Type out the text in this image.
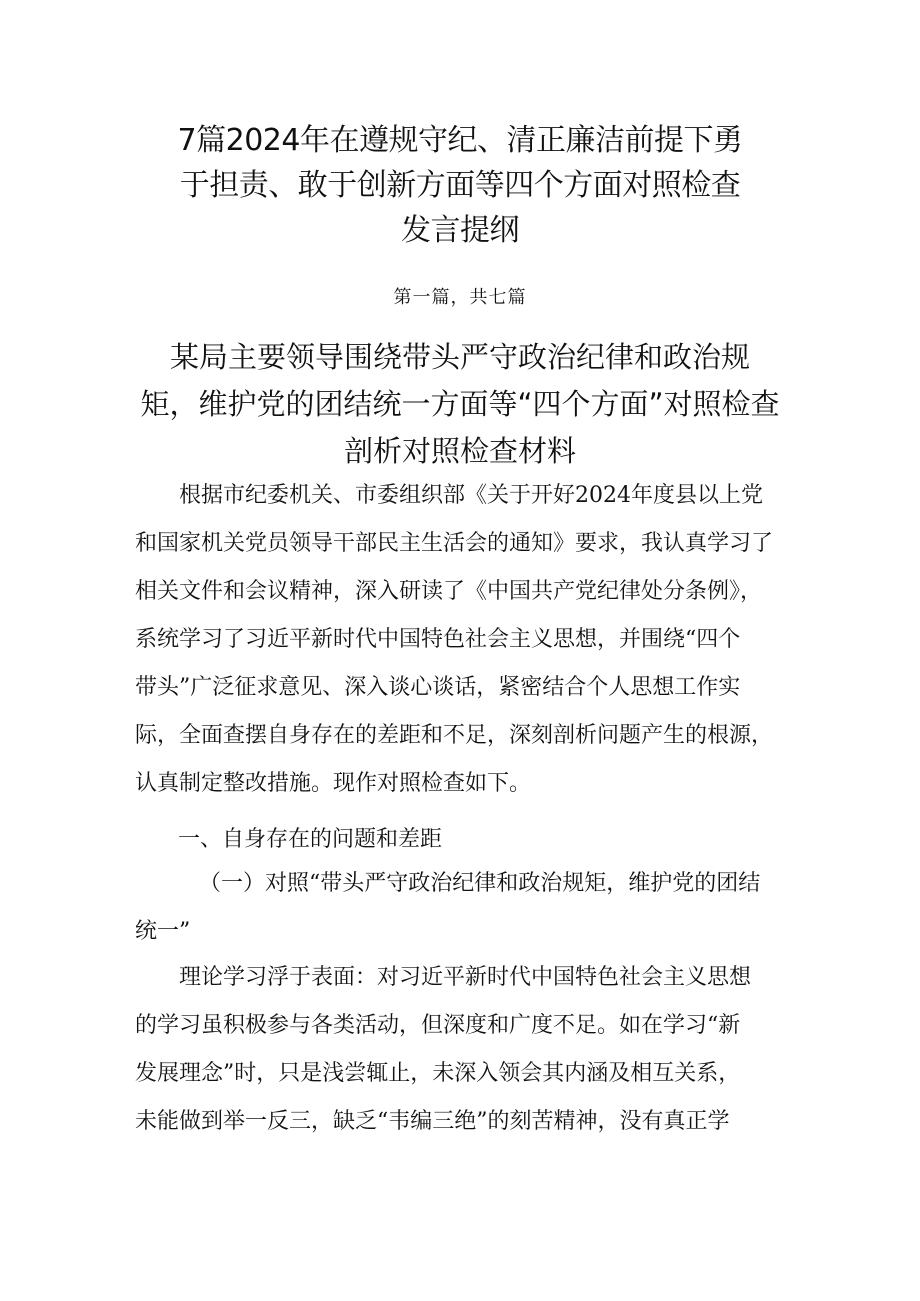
7篇2024年在遵规守纪、清正廉洁前提下勇
于担责、敢于创新方面等四个方面对照检查
发言提纲
第一篇，共七篇
某局主要领导围绕带头严守政治纪律和政治规
矩，维护党的团结统一方面等“四个方面”对照检查
剖析对照检查材料
根据市纪委机关、市委组织部《关于开好2024年度县以上党
和国家机关党员领导干部民主生活会的通知》要求，我认真学习了
相关文件和会议精神，深入研读了《中国共产党纪律处分条例》，
系统学习了习近平新时代中国特色社会主义思想，并围绕“四个
带头”广泛征求意见、深入谈心谈话，紧密结合个人思想工作实
际，全面查摆自身存在的差距和不足，深刻剖析问题产生的根源，
认真制定整改措施。现作对照检查如下。
一、自身存在的问题和差距
（一）对照“带头严守政治纪律和政治规矩，维护党的团结
统一”
理论学习浮于表面：对习近平新时代中国特色社会主义思想
的学习虽积极参与各类活动，但深度和广度不足。如在学习“新
发展理念”时，只是浅尝辄止，未深入领会其内涵及相互关系，
未能做到举一反三，缺乏“韦编三绝”的刻苦精神，没有真正学
